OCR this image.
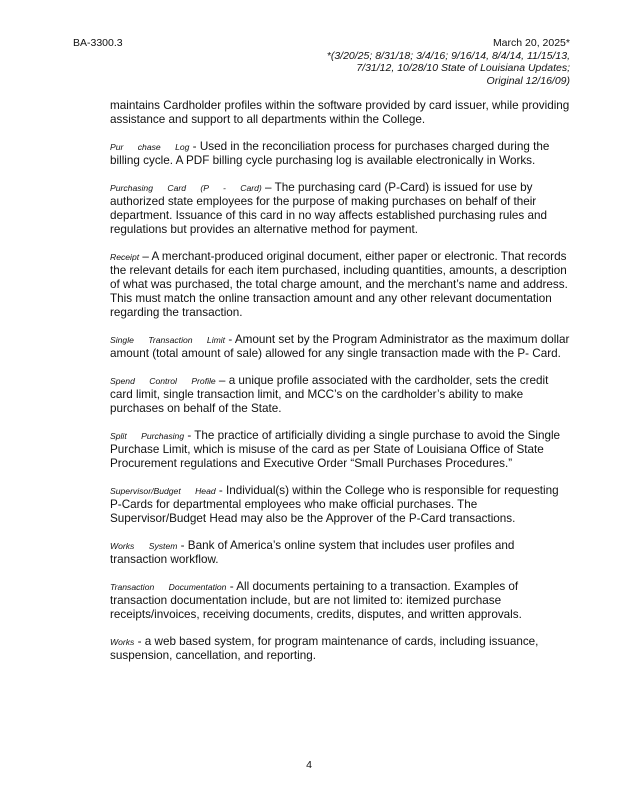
BA-3300.3	March 20, 2025*
*(3/20/25; 8/31/18; 3/4/16; 9/16/14, 8/4/14, 11/15/13,
7/31/12, 10/28/10 State of Louisiana Updates;
Original 12/16/09)

maintains Cardholder profiles within the software provided by card issuer, while providing assistance and support to all departments within the College.

Pur chase Log - Used in the reconciliation process for purchases charged during the billing cycle. A PDF billing cycle purchasing log is available electronically in Works.

Purchasing Card (P - Card) – The purchasing card (P-Card) is issued for use by authorized state employees for the purpose of making purchases on behalf of their department. Issuance of this card in no way affects established purchasing rules and regulations but provides an alternative method for payment.

Receipt – A merchant-produced original document, either paper or electronic. That records the relevant details for each item purchased, including quantities, amounts, a description of what was purchased, the total charge amount, and the merchant’s name and address. This must match the online transaction amount and any other relevant documentation regarding the transaction.

Single Transaction Limit - Amount set by the Program Administrator as the maximum dollar amount (total amount of sale) allowed for any single transaction made with the P- Card.

Spend Control Profile – a unique profile associated with the cardholder, sets the credit card limit, single transaction limit, and MCC’s on the cardholder’s ability to make purchases on behalf of the State.

Split Purchasing - The practice of artificially dividing a single purchase to avoid the Single Purchase Limit, which is misuse of the card as per State of Louisiana Office of State Procurement regulations and Executive Order “Small Purchases Procedures.”

Supervisor/Budget Head - Individual(s) within the College who is responsible for requesting P-Cards for departmental employees who make official purchases. The Supervisor/Budget Head may also be the Approver of the P-Card transactions.

Works System - Bank of America’s online system that includes user profiles and transaction workflow.

Transaction Documentation - All documents pertaining to a transaction. Examples of transaction documentation include, but are not limited to: itemized purchase receipts/invoices, receiving documents, credits, disputes, and written approvals.

Works - a web based system, for program maintenance of cards, including issuance, suspension, cancellation, and reporting.

4
